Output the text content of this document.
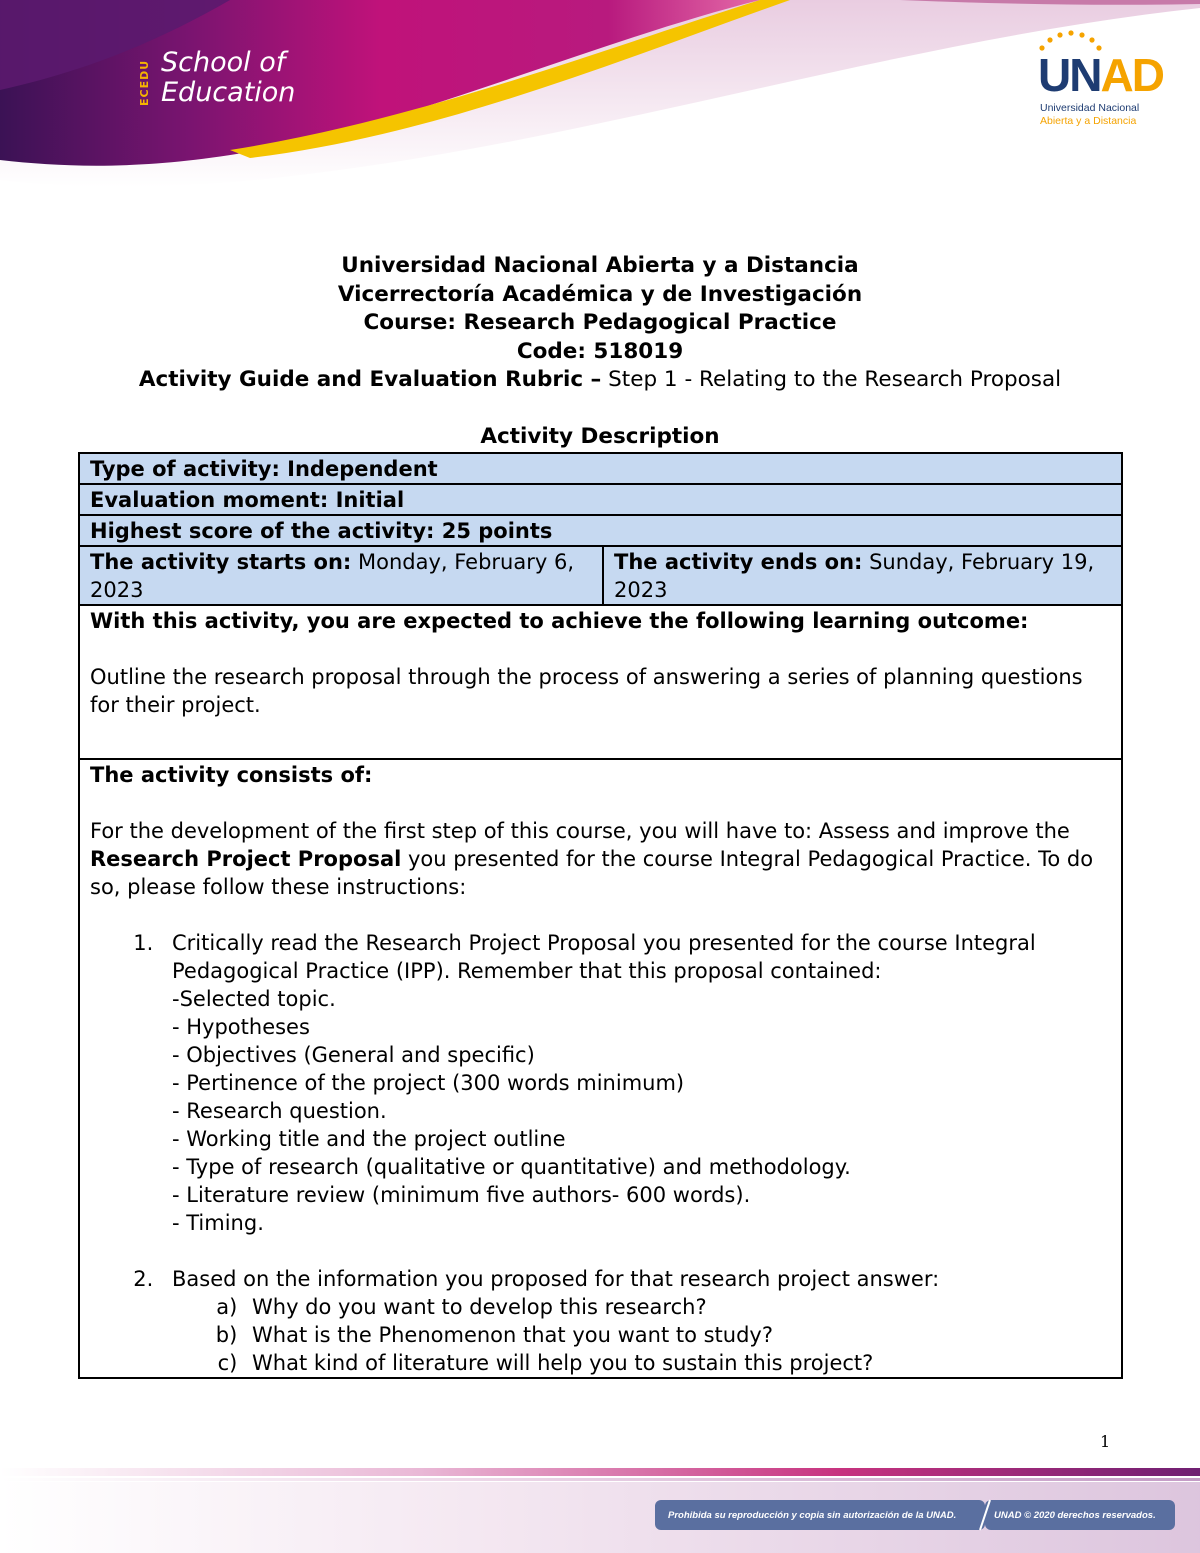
ECEDU School of
Education	UNAD
Universidad Nacional
Abierta y a Distancia
Universidad Nacional Abierta y a Distancia
Vicerrectoría Académica y de Investigación
Course: Research Pedagogical Practice
Code: 518019
Activity Guide and Evaluation Rubric – Step 1 - Relating to the Research Proposal
Activity Description
Type of activity: Independent
Evaluation moment: Initial
Highest score of the activity: 25 points
The activity starts on: Monday, February 6, 2023	The activity ends on: Sunday, February 19, 2023

With this activity, you are expected to achieve the following learning outcome:
Outline the research proposal through the process of answering a series of planning questions for their project.

The activity consists of:
For the development of the first step of this course, you will have to: Assess and improve the Research Project Proposal you presented for the course Integral Pedagogical Practice. To do so, please follow these instructions:
1. Critically read the Research Project Proposal you presented for the course Integral Pedagogical Practice (IPP). Remember that this proposal contained:
-Selected topic.
- Hypotheses
- Objectives (General and specific)
- Pertinence of the project (300 words minimum)
- Research question.
- Working title and the project outline
- Type of research (qualitative or quantitative) and methodology.
- Literature review (minimum five authors- 600 words).
- Timing.
2. Based on the information you proposed for that research project answer:
a. Why do you want to develop this research?
b. What is the Phenomenon that you want to study?
c. What kind of literature will help you to sustain this project?
1
Prohibida su reproducción y copia sin autorización de la UNAD.	UNAD © 2020 derechos reservados.
